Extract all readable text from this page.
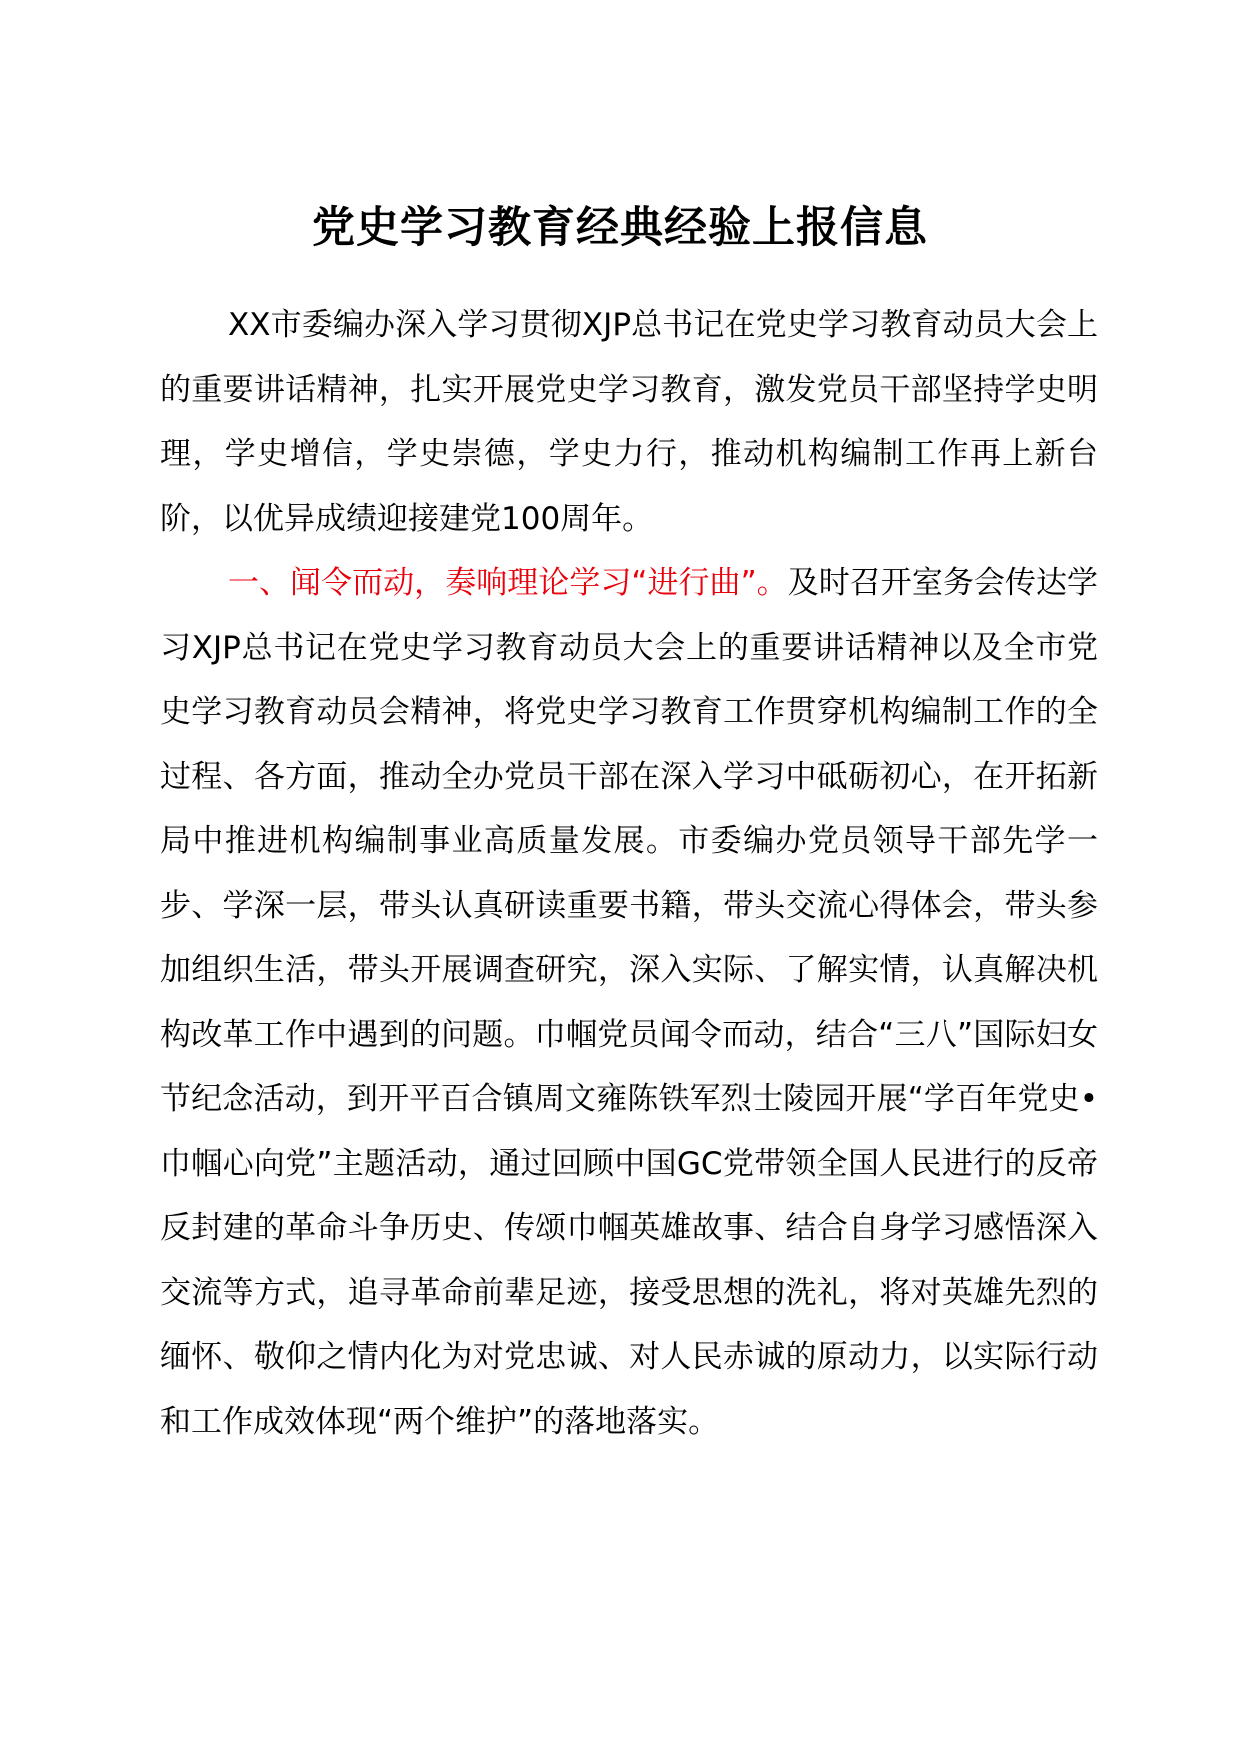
党史学习教育经典经验上报信息

XX市委编办深入学习贯彻XJP总书记在党史学习教育动员大会上的重要讲话精神，扎实开展党史学习教育，激发党员干部坚持学史明理，学史增信，学史崇德，学史力行，推动机构编制工作再上新台阶，以优异成绩迎接建党100周年。

一、闻令而动，奏响理论学习“进行曲”。及时召开室务会传达学习XJP总书记在党史学习教育动员大会上的重要讲话精神以及全市党史学习教育动员会精神，将党史学习教育工作贯穿机构编制工作的全过程、各方面，推动全办党员干部在深入学习中砥砺初心，在开拓新局中推进机构编制事业高质量发展。市委编办党员领导干部先学一步、学深一层，带头认真研读重要书籍，带头交流心得体会，带头参加组织生活，带头开展调查研究，深入实际、了解实情，认真解决机构改革工作中遇到的问题。巾帼党员闻令而动，结合“三八”国际妇女节纪念活动，到开平百合镇周文雍陈铁军烈士陵园开展“学百年党史•巾帼心向党”主题活动，通过回顾中国GC党带领全国人民进行的反帝反封建的革命斗争历史、传颂巾帼英雄故事、结合自身学习感悟深入交流等方式，追寻革命前辈足迹，接受思想的洗礼，将对英雄先烈的缅怀、敬仰之情内化为对党忠诚、对人民赤诚的原动力，以实际行动和工作成效体现“两个维护”的落地落实。
